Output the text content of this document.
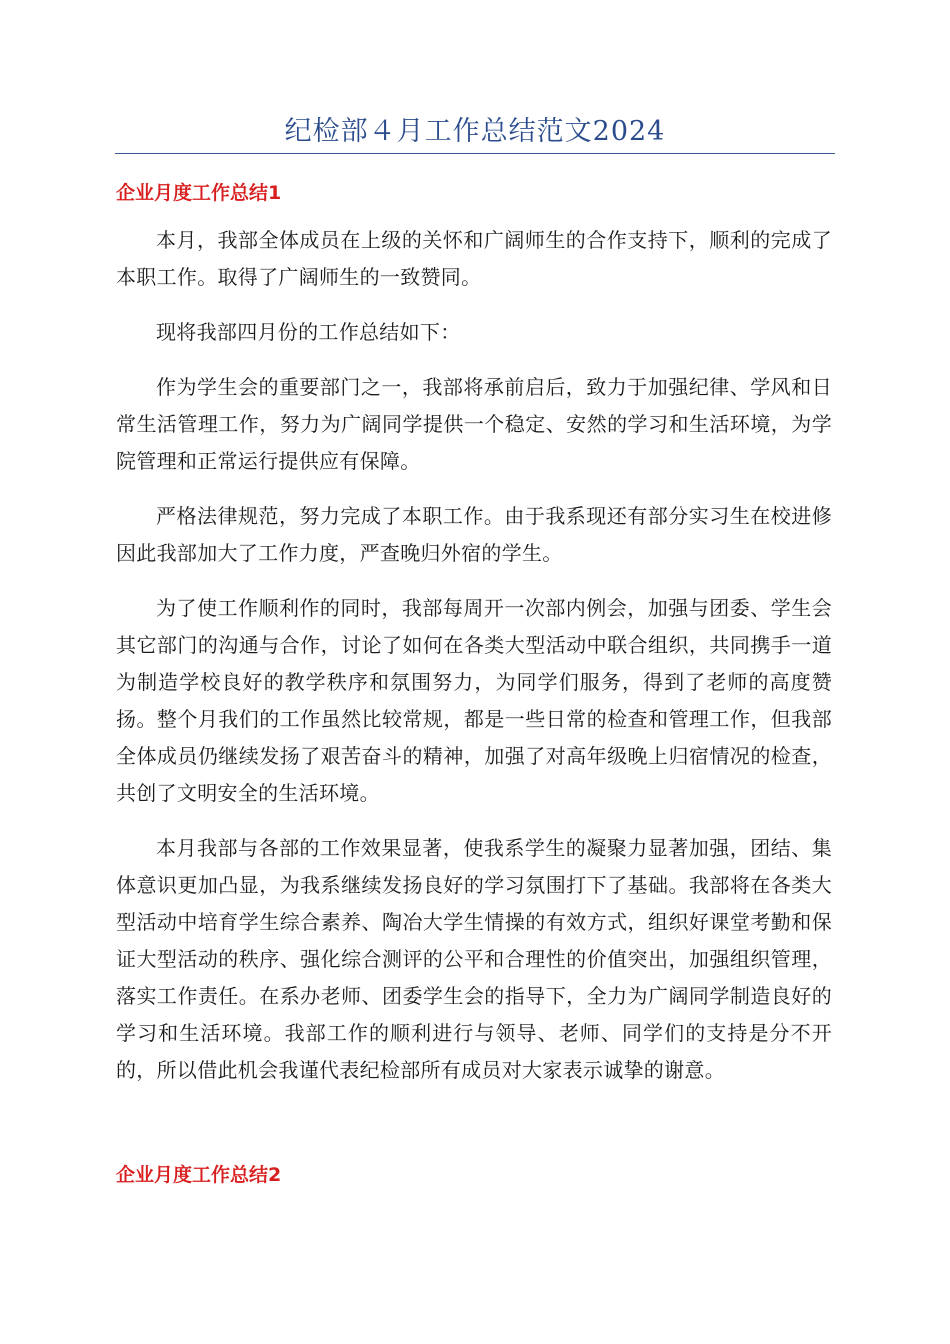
纪检部４月工作总结范文2024
企业月度工作总结1

本月，我部全体成员在上级的关怀和广阔师生的合作支持下，顺利的完成了本职工作。取得了广阔师生的一致赞同。

现将我部四月份的工作总结如下：

作为学生会的重要部门之一，我部将承前启后，致力于加强纪律、学风和日常生活管理工作，努力为广阔同学提供一个稳定、安然的学习和生活环境，为学院管理和正常运行提供应有保障。

严格法律规范，努力完成了本职工作。由于我系现还有部分实习生在校进修因此我部加大了工作力度，严查晚归外宿的学生。

为了使工作顺利作的同时，我部每周开一次部内例会，加强与团委、学生会其它部门的沟通与合作，讨论了如何在各类大型活动中联合组织，共同携手一道为制造学校良好的教学秩序和氛围努力，为同学们服务，得到了老师的高度赞扬。整个月我们的工作虽然比较常规，都是一些日常的检查和管理工作，但我部全体成员仍继续发扬了艰苦奋斗的精神，加强了对高年级晚上归宿情况的检查，共创了文明安全的生活环境。

本月我部与各部的工作效果显著，使我系学生的凝聚力显著加强，团结、集体意识更加凸显，为我系继续发扬良好的学习氛围打下了基础。我部将在各类大型活动中培育学生综合素养、陶冶大学生情操的有效方式，组织好课堂考勤和保证大型活动的秩序、强化综合测评的公平和合理性的价值突出，加强组织管理，落实工作责任。在系办老师、团委学生会的指导下，全力为广阔同学制造良好的学习和生活环境。我部工作的顺利进行与领导、老师、同学们的支持是分不开的，所以借此机会我谨代表纪检部所有成员对大家表示诚挚的谢意。

企业月度工作总结2
